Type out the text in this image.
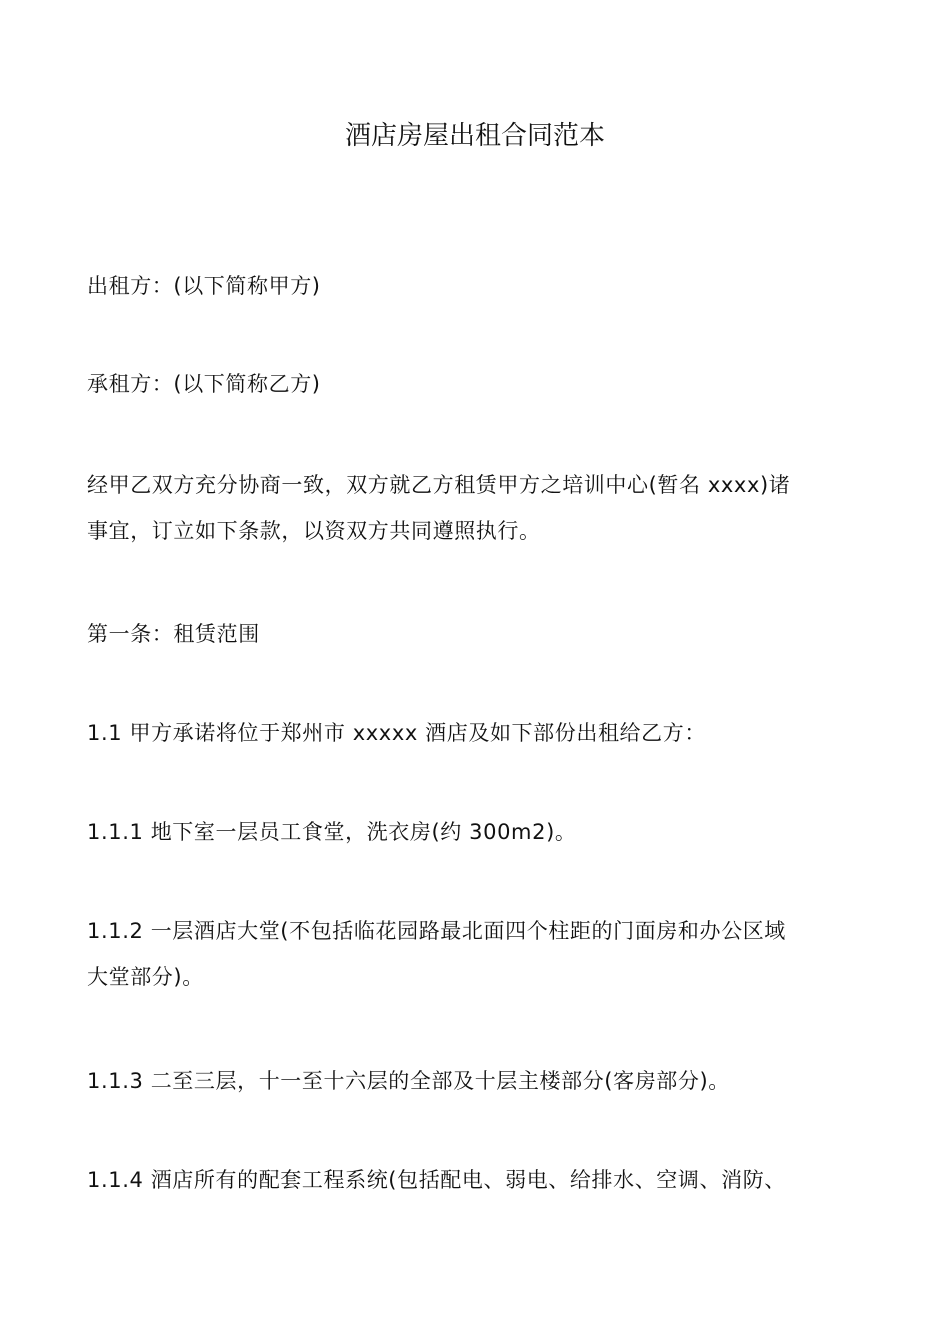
酒店房屋出租合同范本

出租方：(以下简称甲方)

承租方：(以下简称乙方)

经甲乙双方充分协商一致，双方就乙方租赁甲方之培训中心(暂名 xxxx)诸
事宜，订立如下条款，以资双方共同遵照执行。

第一条：租赁范围

1.1 甲方承诺将位于郑州市 xxxxx 酒店及如下部份出租给乙方：

1.1.1 地下室一层员工食堂，洗衣房(约 300m2)。

1.1.2 一层酒店大堂(不包括临花园路最北面四个柱距的门面房和办公区域
大堂部分)。

1.1.3 二至三层，十一至十六层的全部及十层主楼部分(客房部分)。

1.1.4 酒店所有的配套工程系统(包括配电、弱电、给排水、空调、消防、
